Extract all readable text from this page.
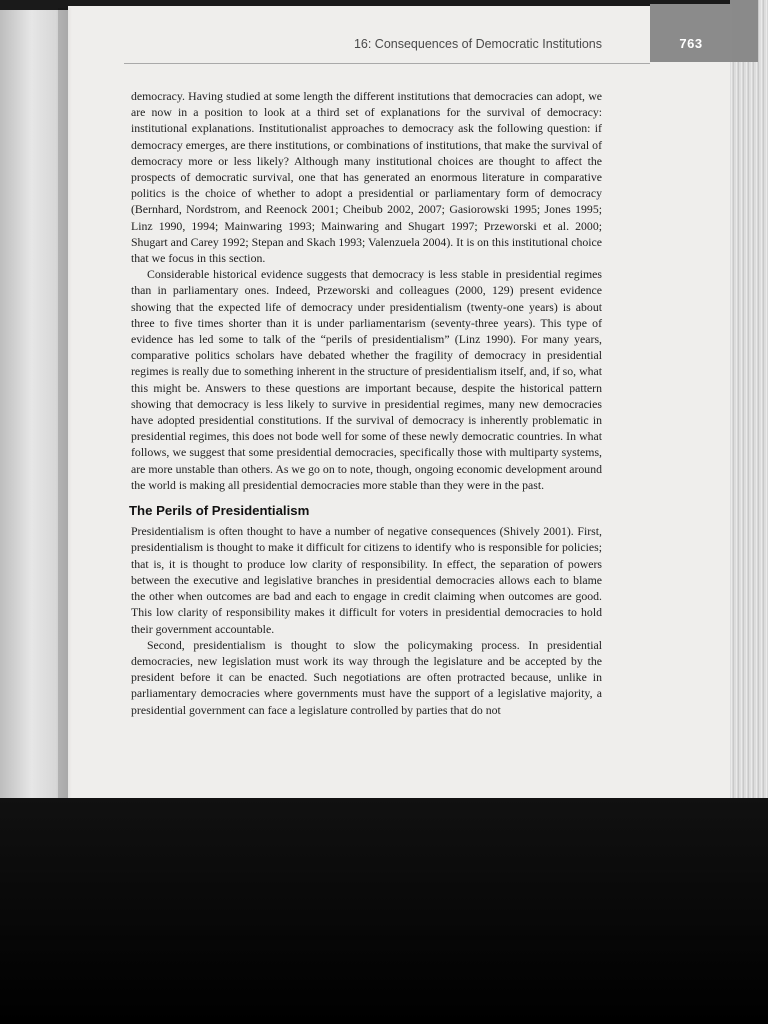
763
16: Consequences of Democratic Institutions

democracy. Having studied at some length the different institutions that democracies can adopt, we are now in a position to look at a third set of explanations for the survival of democracy: institutional explanations. Institutionalist approaches to democracy ask the following question: if democracy emerges, are there institutions, or combinations of institutions, that make the survival of democracy more or less likely? Although many institutional choices are thought to affect the prospects of democratic survival, one that has generated an enormous literature in comparative politics is the choice of whether to adopt a presidential or parliamentary form of democracy (Bernhard, Nordstrom, and Reenock 2001; Cheibub 2002, 2007; Gasiorowski 1995; Jones 1995; Linz 1990, 1994; Mainwaring 1993; Mainwaring and Shugart 1997; Przeworski et al. 2000; Shugart and Carey 1992; Stepan and Skach 1993; Valenzuela 2004). It is on this institutional choice that we focus in this section.

Considerable historical evidence suggests that democracy is less stable in presidential regimes than in parliamentary ones. Indeed, Przeworski and colleagues (2000, 129) present evidence showing that the expected life of democracy under presidentialism (twenty-one years) is about three to five times shorter than it is under parliamentarism (seventy-three years). This type of evidence has led some to talk of the “perils of presidentialism” (Linz 1990). For many years, comparative politics scholars have debated whether the fragility of democracy in presidential regimes is really due to something inherent in the structure of presidentialism itself, and, if so, what this might be. Answers to these questions are important because, despite the historical pattern showing that democracy is less likely to survive in presidential regimes, many new democracies have adopted presidential constitutions. If the survival of democracy is inherently problematic in presidential regimes, this does not bode well for some of these newly democratic countries. In what follows, we suggest that some presidential democracies, specifically those with multiparty systems, are more unstable than others. As we go on to note, though, ongoing economic development around the world is making all presidential democracies more stable than they were in the past.

The Perils of Presidentialism

Presidentialism is often thought to have a number of negative consequences (Shively 2001). First, presidentialism is thought to make it difficult for citizens to identify who is responsible for policies; that is, it is thought to produce low clarity of responsibility. In effect, the separation of powers between the executive and legislative branches in presidential democracies allows each to blame the other when outcomes are bad and each to engage in credit claiming when outcomes are good. This low clarity of responsibility makes it difficult for voters in presidential democracies to hold their government accountable.

Second, presidentialism is thought to slow the policymaking process. In presidential democracies, new legislation must work its way through the legislature and be accepted by the president before it can be enacted. Such negotiations are often protracted because, unlike in parliamentary democracies where governments must have the support of a legislative majority, a presidential government can face a legislature controlled by parties that do not
